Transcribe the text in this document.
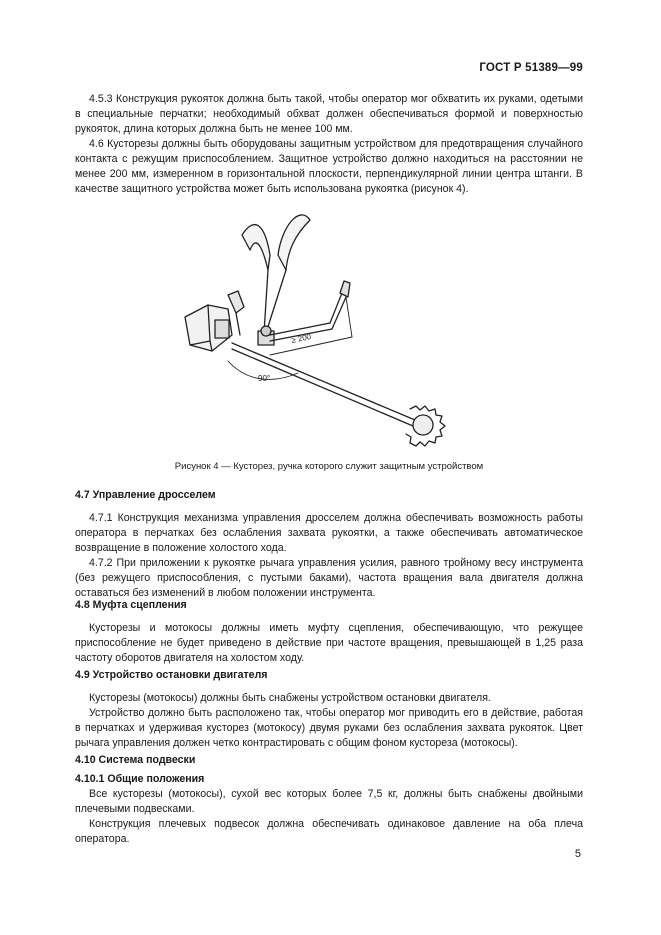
ГОСТ Р 51389—99

4.5.3 Конструкция рукояток должна быть такой, чтобы оператор мог обхватить их руками, одетыми в специальные перчатки; необходимый обхват должен обеспечиваться формой и поверхностью рукояток, длина которых должна быть не менее 100 мм.

4.6 Кусторезы должны быть оборудованы защитным устройством для предотвращения случайного контакта с режущим приспособлением. Защитное устройство должно находиться на расстоянии не менее 200 мм, измеренном в горизонтальной плоскости, перпендикулярной линии центра штанги. В качестве защитного устройства может быть использована рукоятка (рисунок 4).

≥ 200
90°
Рисунок 4 — Кусторез, ручка которого служит защитным устройством

4.7 Управление дросселем

4.7.1 Конструкция механизма управления дросселем должна обеспечивать возможность работы оператора в перчатках без ослабления захвата рукоятки, а также обеспечивать автоматическое возвращение в положение холостого хода.

4.7.2 При приложении к рукоятке рычага управления усилия, равного тройному весу инструмента (без режущего приспособления, с пустыми баками), частота вращения вала двигателя должна оставаться без изменений в любом положении инструмента.

4.8 Муфта сцепления

Кусторезы и мотокосы должны иметь муфту сцепления, обеспечивающую, что режущее приспособление не будет приведено в действие при частоте вращения, превышающей в 1,25 раза частоту оборотов двигателя на холостом ходу.

4.9 Устройство остановки двигателя

Кусторезы (мотокосы) должны быть снабжены устройством остановки двигателя.

Устройство должно быть расположено так, чтобы оператор мог приводить его в действие, работая в перчатках и удерживая кусторез (мотокосу) двумя руками без ослабления захвата рукояток. Цвет рычага управления должен четко контрастировать с общим фоном кустореза (мотокосы).

4.10 Система подвески

4.10.1 Общие положения

Все кусторезы (мотокосы), сухой вес которых более 7,5 кг, должны быть снабжены двойными плечевыми подвесками.

Конструкция плечевых подвесок должна обеспечивать одинаковое давление на оба плеча оператора.

5
